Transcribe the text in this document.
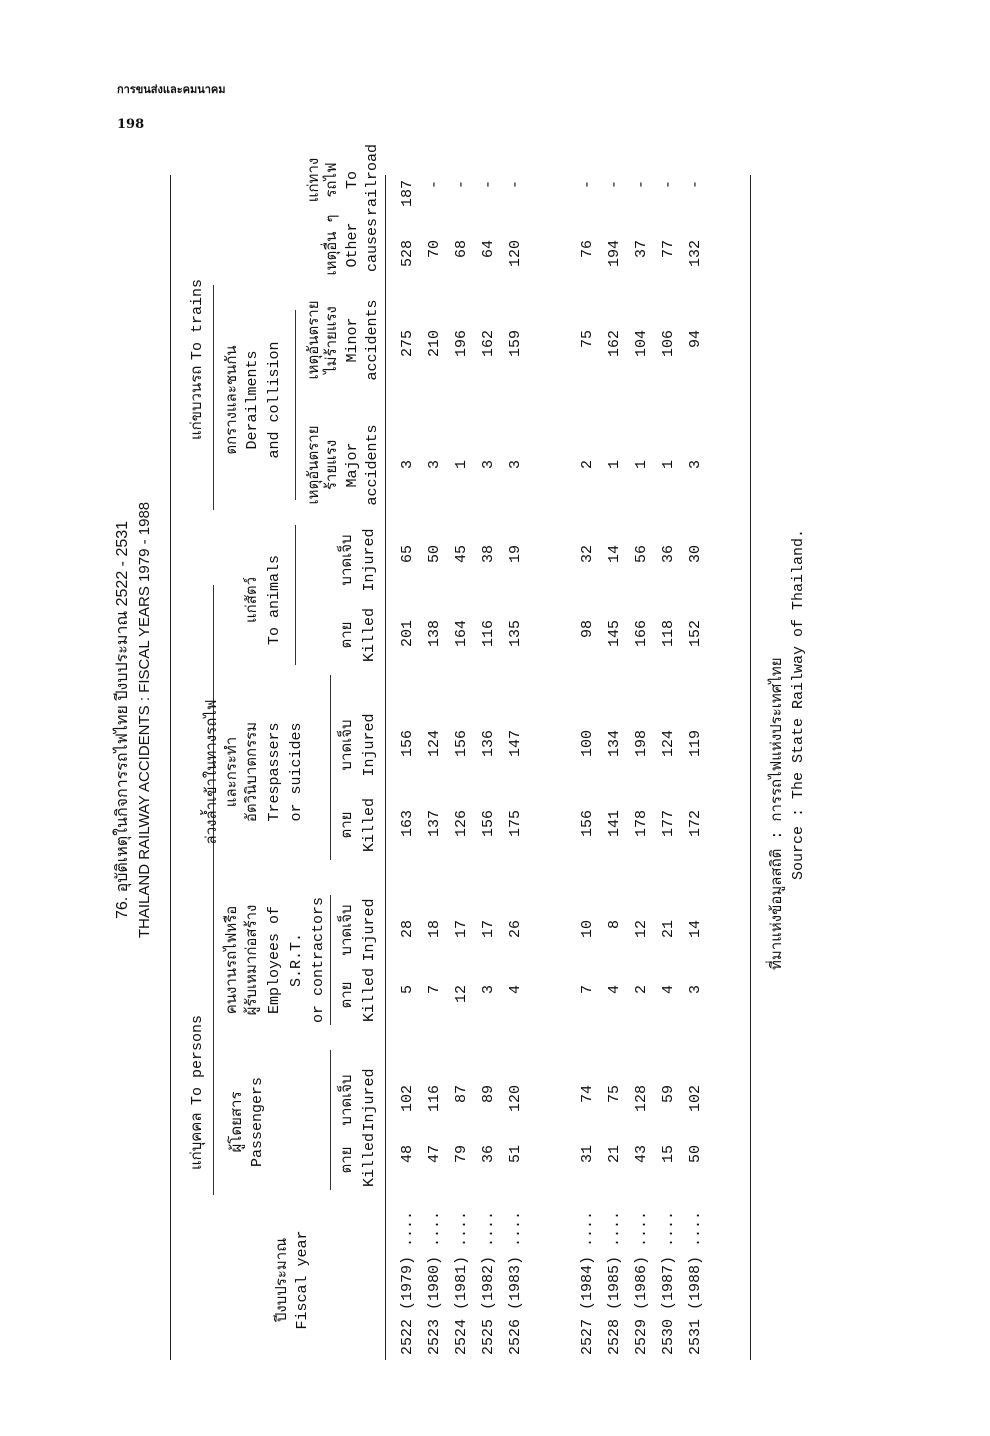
การขนส่งและคมนาคม
198
76. อุบัติเหตุในกิจการรถไฟไทย ปีงบประมาณ 2522 - 2531 THAILAND RAILWAY ACCIDENTS : FISCAL YEARS 1979 - 1988
ปีงบประมาณ Fiscal year
แก่บุคคล
To persons
ผู้โดยสาร Passengers
คนงานรถไฟหรือ ผู้รับเหมาก่อสร้าง Employees of S.R.T. or contractors
ล่วงล้ำเข้าในทางรถไฟ และกระทำ อัตวินิบาตกรรม Trespassers or suicides
แก่สัตว์ To animals
แก่ขบวนรถ
To trains
ตกรางและชนกัน Derailments and collision
เหตุอันตราย ร้ายแรง Major accidents
เหตุอันตราย ไม่ร้ายแรง Minor accidents
เหตุอื่น ๆ Other causes
แก่ทาง รถไฟ To railroad
ตาย Killed
บาดเจ็บ Injured
ตาย Killed
บาดเจ็บ Injured
ตาย Killed
บาดเจ็บ Injured
ตาย Killed
บาดเจ็บ Injured
2522 (1979) ....
48
102
5
28
163
156
201
65
3
275
528
187
2523 (1980) ....
47
116
7
18
137
124
138
50
3
210
70
-
2524 (1981) ....
79
87
12
17
126
156
164
45
1
196
68
-
2525 (1982) ....
36
89
3
17
156
136
116
38
3
162
64
-
2526 (1983) ....
51
120
4
26
175
147
135
19
3
159
120
-
2527 (1984) ....
31
74
7
10
156
100
98
32
2
75
76
-
2528 (1985) ....
21
75
4
8
141
134
145
14
1
162
194
-
2529 (1986) ....
43
128
2
12
178
198
166
56
1
104
37
-
2530 (1987) ....
15
59
4
21
177
124
118
36
1
106
77
-
2531 (1988) ....
50
102
3
14
172
119
152
30
3
94
132
-
ที่มาแห่งข้อมูลสถิติ : การรถไฟแห่งประเทศไทย Source : The State Railway of Thailand.
